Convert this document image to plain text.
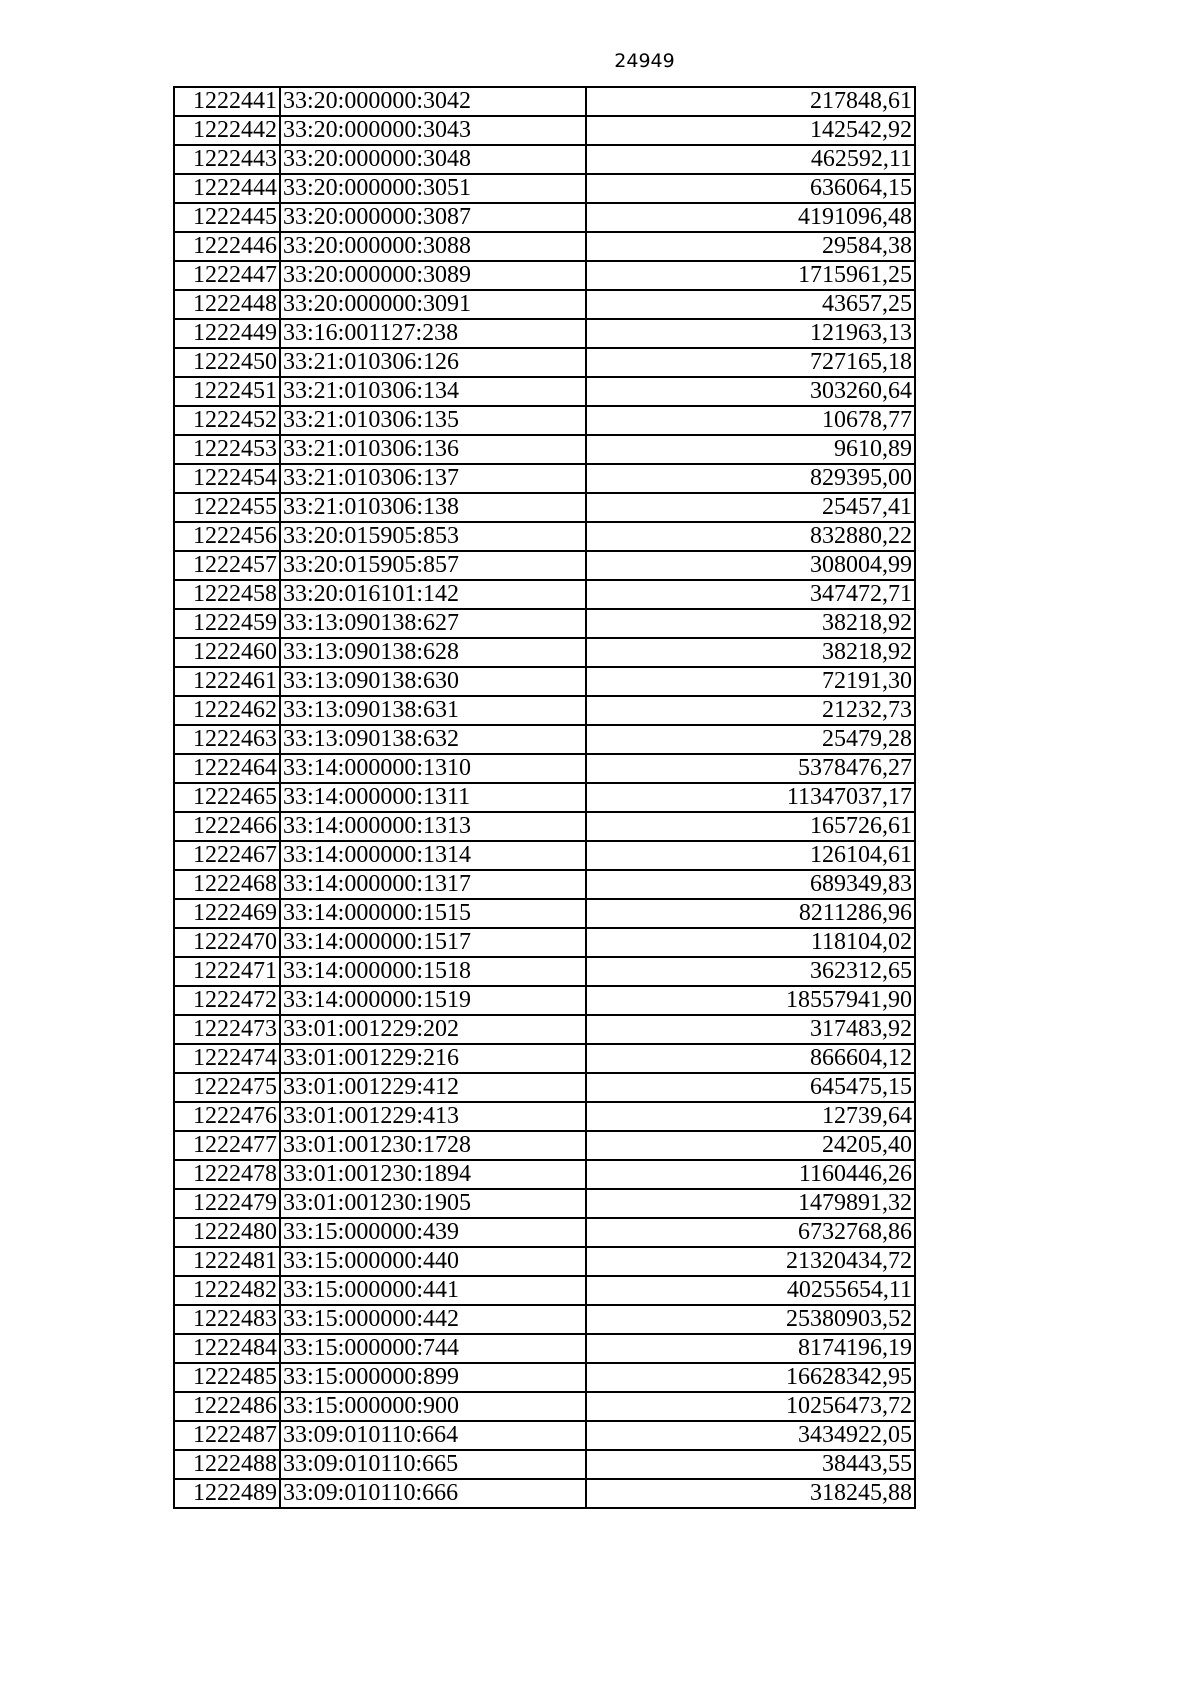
24949
1222441	33:20:000000:3042	217848,61
1222442	33:20:000000:3043	142542,92
1222443	33:20:000000:3048	462592,11
1222444	33:20:000000:3051	636064,15
1222445	33:20:000000:3087	4191096,48
1222446	33:20:000000:3088	29584,38
1222447	33:20:000000:3089	1715961,25
1222448	33:20:000000:3091	43657,25
1222449	33:16:001127:238	121963,13
1222450	33:21:010306:126	727165,18
1222451	33:21:010306:134	303260,64
1222452	33:21:010306:135	10678,77
1222453	33:21:010306:136	9610,89
1222454	33:21:010306:137	829395,00
1222455	33:21:010306:138	25457,41
1222456	33:20:015905:853	832880,22
1222457	33:20:015905:857	308004,99
1222458	33:20:016101:142	347472,71
1222459	33:13:090138:627	38218,92
1222460	33:13:090138:628	38218,92
1222461	33:13:090138:630	72191,30
1222462	33:13:090138:631	21232,73
1222463	33:13:090138:632	25479,28
1222464	33:14:000000:1310	5378476,27
1222465	33:14:000000:1311	11347037,17
1222466	33:14:000000:1313	165726,61
1222467	33:14:000000:1314	126104,61
1222468	33:14:000000:1317	689349,83
1222469	33:14:000000:1515	8211286,96
1222470	33:14:000000:1517	118104,02
1222471	33:14:000000:1518	362312,65
1222472	33:14:000000:1519	18557941,90
1222473	33:01:001229:202	317483,92
1222474	33:01:001229:216	866604,12
1222475	33:01:001229:412	645475,15
1222476	33:01:001229:413	12739,64
1222477	33:01:001230:1728	24205,40
1222478	33:01:001230:1894	1160446,26
1222479	33:01:001230:1905	1479891,32
1222480	33:15:000000:439	6732768,86
1222481	33:15:000000:440	21320434,72
1222482	33:15:000000:441	40255654,11
1222483	33:15:000000:442	25380903,52
1222484	33:15:000000:744	8174196,19
1222485	33:15:000000:899	16628342,95
1222486	33:15:000000:900	10256473,72
1222487	33:09:010110:664	3434922,05
1222488	33:09:010110:665	38443,55
1222489	33:09:010110:666	318245,88
